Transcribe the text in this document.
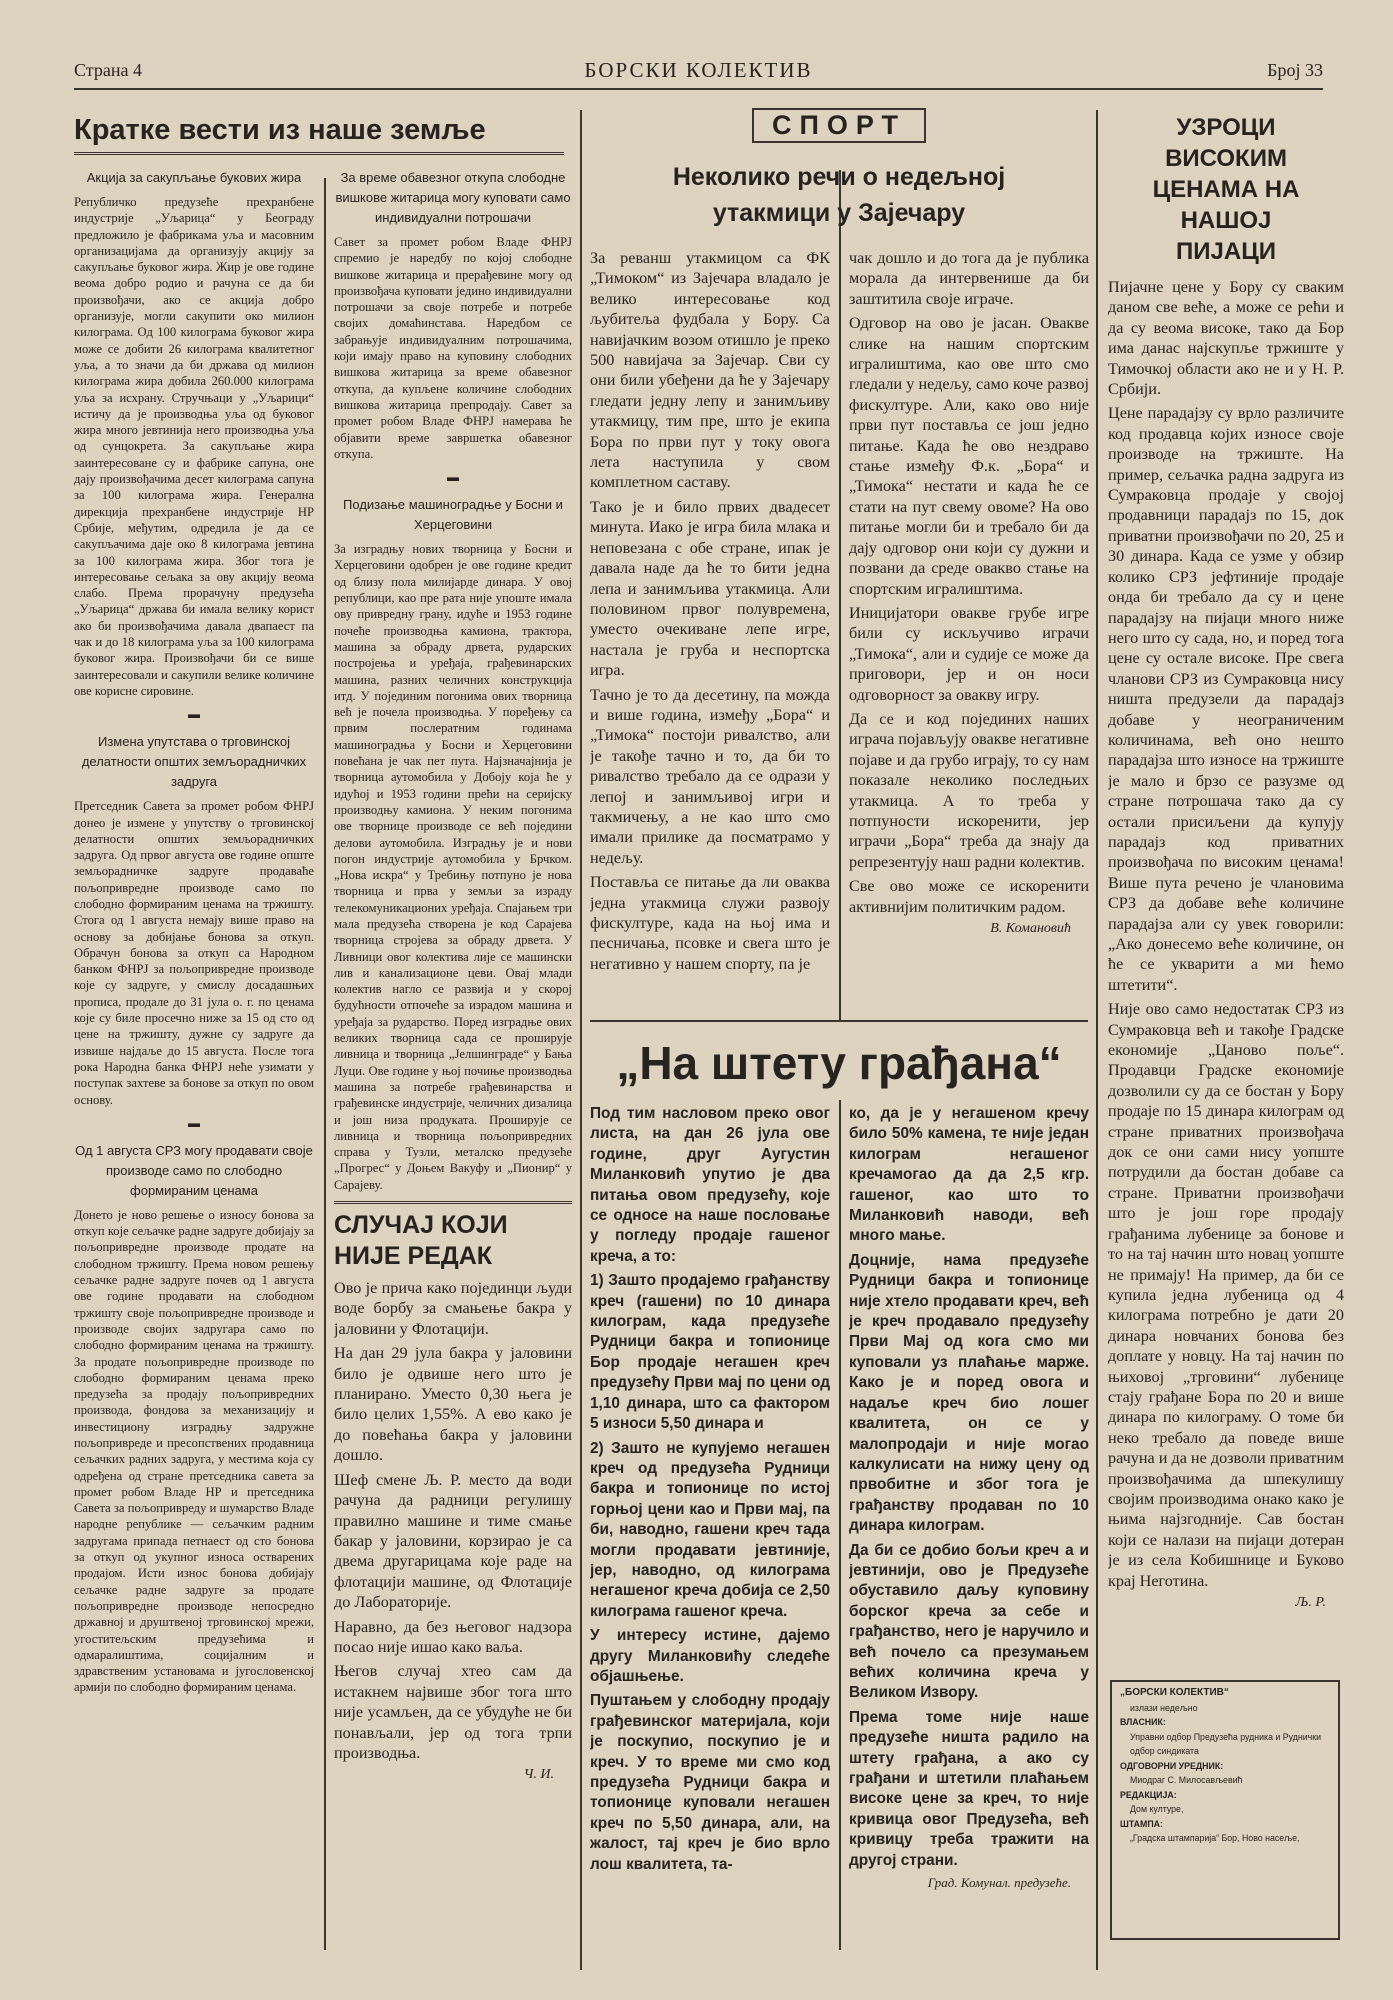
Страна 4	БОРСКИ КОЛЕКТИВ	Број 33
Кратке вести из наше земље
Акција за сакупљање букових жира

Републичко предузеће прехранбене индустрије „Уљарица“ у Београду предложило је фабрикама уља и масовним организацијама да организују акцију за сакупљање буковог жира. Жир је ове године веома добро родио и рачуна се да би произвођачи, ако се акција добро организује, могли сакупити око милион килограма. Од 100 килограма буковог жира може се добити 26 килограма квалитетног уља, а то значи да би држава од милион килограма жира добила 260.000 килограма уља за исхрану. Стручњаци у „Уљарици“ истичу да је производња уља од буковог жира много јевтинија него производња уља од сунцокрета. За сакупљање жира заинтересоване су и фабрике сапуна, оне дају произвођачима десет килограма сапуна за 100 килограма жира. Генерална дирекција прехранбене индустрије НР Србије, међутим, одредила је да се сакупљачима даје око 8 килограма јевтина за 100 килограма жира. Због тога је интересовање сељака за ову акцију веома слабо. Према прорачуну предузећа „Уљарица“ држава би имала велику корист ако би произвођачима давала двапаест па чак и до 18 килограма уља за 100 килограма буковог жира. Произвођачи би се више заинтересовали и сакупили велике количине ове корисне сировине.

▬
Измена упутстава о трговинској делатности општих земљорадничких задруга

Претседник Савета за промет робом ФНРЈ донео је измене у упутству о трговинској делатности општих земљорадничких задруга. Од првог августа ове године опште земљорадничке задруге продаваће пољопривредне производе само по слободно формираним ценама на тржишту. Стога од 1 августа немају више право на основу за добијање бонова за откуп. Обрачун бонова за откуп са Народном банком ФНРЈ за пољопривредне производе које су задруге, у смислу досадашњих прописа, продале до 31 јула о. г. по ценама које су биле просечно ниже за 15 од сто од цене на тржишту, дужне су задруге да извише најдаље до 15 августа. После тога рока Народна банка ФНРЈ неће узимати у поступак захтеве за бонове за откуп по овом основу.

▬
Од 1 августа СРЗ могу продавати своје производе само по слободно формираним ценама

Донето је ново решење о износу бонова за откуп које сељачке радне задруге добијају за пољопривредне производе продате на слободном тржишту. Према новом решењу сељачке радне задруге почев од 1 августа ове године продавати на слободном тржишту своје пољопривредне производе и производе својих задругара само по слободно формираним ценама на тржишту. За продате пољопривредне производе по слободно формираним ценама преко предузећа за продају пољопривредних производа, фондова за механизацију и инвестициону изградњу задружне пољопривреде и пресопствених продавница сељачких радних задруга, у местима која су одређена од стране претседника савета за промет робом Владе НР и претседника Савета за пољопривреду и шумарство Владе народне републике — сељачким радним задругама припада петнаест од сто бонова за откуп од укупног износа остварених продајом. Исти износ бонова добијају сељачке радне задруге за продате пољопривредне производе непосредно државној и друштвеној трговинској мрежи, угоститељским предузећима и одмаралиштима, социјалним и здравственим установама и југословенској армији по слободно формираним ценама.

За време обавезног откупа слободне вишкове житарица могу куповати само индивидуални потрошачи

Савет за промет робом Владе ФНРЈ спремио је наредбу по којој слободне вишкове житарица и прерађевине могу од произвођача куповати једино индивидуални потрошачи за своје потребе и потребе својих домаћинстава. Наредбом се забрањује индивидуалним потрошачима, који имају право на куповину слободних вишкова житарица за време обавезног откупа, да купљене количине слободних вишкова житарица препродају. Савет за промет робом Владе ФНРЈ намерава ће објавити време завршетка обавезног откупа.

▬
Подизање машиноградње у Босни и Херцеговини

За изградњу нових творница у Босни и Херцеговини одобрен је ове године кредит од близу пола милијарде динара. У овој републици, као пре рата није упоште имала ову привредну грану, идуће и 1953 године почеће производња камиона, трактора, машина за обраду дрвета, рударских постројења и уређаја, грађевинарских машина, разних челичних конструкција итд. У појединим погонима ових творница већ је почела производња. У поређењу са првим послератним годинама машиноградња у Босни и Херцеговини повећана је чак пет пута. Најзначајнија је творница аутомобила у Добоју која ће у идућој и 1953 години прећи на серијску производњу камиона. У неким погонима ове творнице производе се већ поједини делови аутомобила. Изградњу је и нови погон индустрије аутомобила у Брчком. „Нова искра“ у Требињу потпуно је нова творница и прва у земљи за израду телекомуникационих уређаја. Спајањем три мала предузећа створена је код Сарајева творница стројева за обраду дрвета. У Ливници овог колектива лије се машински лив и канализационе цеви. Овај млади колектив нагло се развија и у скорој будућности отпочеће за израдом машина и уређаја за рударство. Поред изградње ових великих творница сада се проширује ливница и творница „Јелшинградe“ у Бања Луци. Ове године у њој почиње производња машина за потребе грађевинарства и грађевинске индустрије, челичних дизалица и још низа продуката. Проширује се ливница и творница пољопривредних справа у Тузли, металско предузеће „Прогрес“ у Доњем Вакуфу и „Пионир“ у Сарајеву.

СЛУЧАЈ КОЈИ НИЈЕ РЕДАК

Ово је прича како појединци људи воде борбу за смањење бакра у јаловини у Флотацији.

На дан 29 јула бакра у јаловини било је одвише него што је планирано. Уместо 0,30 њега је било целих 1,55%. А ево како је до повећања бакра у јаловини дошло.

Шеф смене Љ. Р. место да води рачуна да радници регулишу правилно машине и тиме смање бакар у јаловини, корзирао је са двема другарицама које раде на флотацији машине, од Флотације до Лабораторије.

Наравно, да без његовог надзора посао није ишао како ваља.

Његов случај хтео сам да истакнем највише због тога што није усамљен, да се убудуће не би понављали, јер од тога трпи производња.

Ч. И.
СПОРТ
Неколико речи о недељној утакмици у Зајечару

За реванш утакмицом са ФК „Тимоком“ из Зајечара владало је велико интересовање код љубитеља фудбала у Бору. Са навијачким возом отишло је преко 500 навијача за Зајечар. Сви су они били убеђени да ће у Зајечару гледати једну лепу и занимљиву утакмицу, тим пре, што је екипа Бора по први пут у току овога лета наступила у свом комплетном саставу.

Тако је и било првих двадесет минута. Иако је игра била млака и неповезана с обе стране, ипак је давала наде да ће то бити једна лепа и занимљива утакмица. Али половином првог полувремена, уместо очекиване лепе игре, настала је груба и неспортска игра.

Тачно је то да десетину, па можда и више година, између „Бора“ и „Тимока“ постоји ривалство, али је такође тачно и то, да би то ривалство требало да се одрази у лепој и занимљивој игри и такмичењу, а не као што смо имали прилике да посматрамо у недељу.

Поставља се питање да ли оваква једна утакмица служи развоју фискултуре, када на њој има и песничања, псовке и свега што је негативно у нашем спорту, па је

чак дошло и до тога да је публика морала да интервенише да би заштитила своје играче.

Одговор на ово је јасан. Овакве слике на нашим спортским игралиштима, као ове што смо гледали у недељу, само коче развој фискултуре. Али, како ово није први пут поставља се још једно питање. Када ће ово нездраво стање између Ф.к. „Бора“ и „Тимока“ нестати и када ће се стати на пут свему овоме? На ово питање могли би и требало би да дају одговор они који су дужни и позвани да среде овакво стање на спортским игралиштима.

Иницијатори овакве грубе игре били су искључиво играчи „Тимока“, али и судије се може да приговори, јер и он носи одговорност за овакву игру.

Да се и код појединих наших играча појављују овакве негативне појаве и да грубо играју, то су нам показале неколико последњих утакмица. А то треба у потпуности искоренити, јер играчи „Бора“ треба да знају да репрезентују наш радни колектив.

Све ово може се искоренити активнијим политичким радом.

В. Комановић
„На штету грађана“

Под тим насловом преко овог листа, на дан 26 јула ове године, друг Аугустин Миланковић упутио је два питања овом предузећу, које се односе на наше пословање у погледу продаје гашеног креча, а то:

1) Зашто продајемо грађанству креч (гашени) по 10 динара килограм, када предузеће Рудници бакра и топионице Бор продаје негашен креч предузећу Први мај по цени од 1,10 динара, што са фактором 5 износи 5,50 динара и

2) Зашто не купујемо негашен креч од предузећа Рудници бакра и топионице по истој горњој цени као и Први мај, па би, наводно, гашени креч тада могли продавати јевтиније, јер, наводно, од килограма негашеног креча добија се 2,50 килограма гашеног креча.

У интересу истине, дајемо другу Миланковићу следеће објашњење.

Пуштањем у слободну продају грађевинског материјала, који је поскупио, поскупио је и креч. У то време ми смо код предузећа Рудници бакра и топионице куповали негашен креч по 5,50 динара, али, на жалост, тај креч је био врло лош квалитета, та-

ко, да је у негашеном кречу било 50% камена, те није један килограм негашеног кречамогао да да 2,5 кгр. гашеног, као што то Миланковић наводи, већ много мање.

Доцније, нама предузеће Рудници бакра и топионице није хтело продавати креч, већ је креч продавало предузећу Први Мај од кога смо ми куповали уз плаћање марже. Како је и поред овога и надаље креч био лошег квалитета, он се у малопродаји и није могао калкулисати на нижу цену од првобитне и због тога је грађанству продаван по 10 динара килограм.

Да би се добио бољи креч а и јевтинији, ово је Предузеће обуставило даљу куповину борског креча за себе и грађанство, него је наручило и већ почело са презумањем већих количина креча у Великом Извору.

Према томе није наше предузеће ништа радило на штету грађана, а ако су грађани и штетили плаћањем високе цене за креч, то није кривица овог Предузећа, већ кривицу треба тражити на другој страни.

Град. Комунал. предузеће.
УЗРОЦИ ВИСОКИМ ЦЕНАМА НА НАШОЈ ПИЈАЦИ

Пијачне цене у Бору су сваким даном све веће, а може се рећи и да су веома високе, тако да Бор има данас најскупље тржиште у Тимочкој области ако не и у Н. Р. Србији.

Цене парадајзу су врло различите код продавца којих износе своје производе на тржиште. На пример, сељачка радна задруга из Сумраковца продаје у својој продавници парадајз по 15, док приватни произвођачи по 20, 25 и 30 динара. Када се узме у обзир колико СРЗ јефтиније продаје онда би требало да су и цене парадајзу на пијаци много ниже него што су сада, но, и поред тога цене су остале високе. Пре свега чланови СРЗ из Сумраковца нису ништа предузели да парадајз добаве у неограниченим количинама, већ оно нешто парадајза што износе на тржиште је мало и брзо се разузме од стране потрошача тако да су остали присиљени да купују парадајз код приватних произвођача по високим ценама! Више пута речено је члановима СРЗ да добаве веће количине парадајза али су увек говорили: „Ако донесемо веће количине, он ће се укварити а ми ћемо штетити“.

Није ово само недостатак СРЗ из Сумраковца већ и такође Градске економије „Цаново поље“. Продавци Градске економије дозволили су да се бостан у Бору продаје по 15 динара килограм од стране приватних произвођача док се они сами нису уопште потрудили да бостан добаве са стране. Приватни произвођачи што је још горе продају грађанима лубенице за бонове и то на тај начин што новац уопште не примају! На пример, да би се купила једна лубеница од 4 килограма потребно је дати 20 динара новчаних бонова без доплате у новцу. На тај начин по њиховој „трговини“ лубенице стају грађане Бора по 20 и више динара по килограму. О томе би неко требало да поведе више рачуна и да не дозволи приватним произвођачима да шпекулишу својим производима онако како је њима најзгодније. Сав бостан који се налази на пијаци дотеран је из села Кобишнице и Буково крај Неготина.

Љ. Р.
„БОРСКИ КОЛЕКТИВ“
излази недељно
ВЛАСНИК:
Управни одбор Предузећа рудника и Руднички одбор синдиката
ОДГОВОРНИ УРЕДНИК:
Миодраг С. Милосављевић
РЕДАКЦИЈА:
Дом културе,
ШТАМПА:
„Градска штампарија“ Бор, Ново насеље,
